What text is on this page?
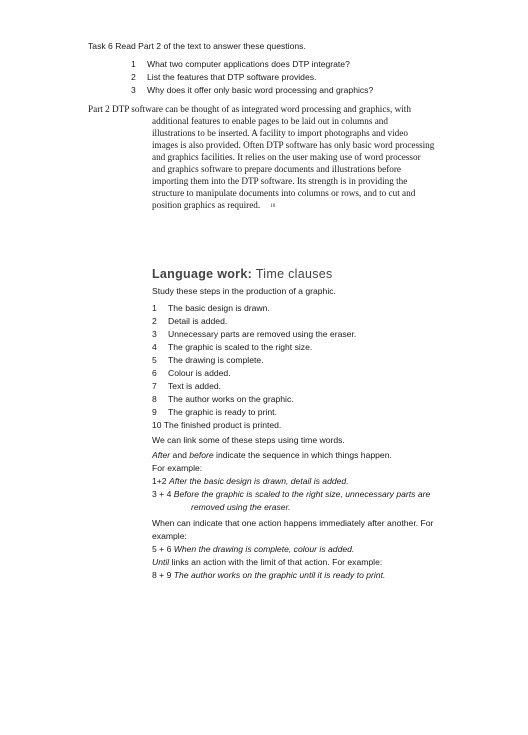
Task 6 Read Part 2 of the text to answer these questions.
1 What two computer applications does DTP integrate?
2 List the features that DTP software provides.
3 Why does it offer only basic word processing and graphics?
Part 2 DTP software can be thought of as integrated word processing and graphics, with
additional features to enable pages to be laid out in columns and
illustrations to be inserted. A facility to import photographs and video
images is also provided. Often DTP software has only basic word processing
and graphics facilities. It relies on the user making use of word processor
and graphics software to prepare documents and illustrations before
importing them into the DTP software. Its strength is in providing the
structure to manipulate documents into columns or rows, and to cut and
position graphics as required. $^{10}$
Language work: Time clauses
Study these steps in the production of a graphic.
1 The basic design is drawn.
2 Detail is added.
3 Unnecessary parts are removed using the eraser.
4 The graphic is scaled to the right size.
5 The drawing is complete.
6 Colour is added.
7 Text is added.
8 The author works on the graphic.
9 The graphic is ready to print.
10 The finished product is printed.
We can link some of these steps using time words.
After and before indicate the sequence in which things happen.
For example:
1+2 After the basic design is drawn, detail is added.
3 + 4 Before the graphic is scaled to the right size, unnecessary parts are
removed using the eraser.
When can indicate that one action happens immediately after another. For
example:
5 + 6 When the drawing is complete, colour is added.
Until links an action with the limit of that action. For example:
8 + 9 The author works on the graphic until it is ready to print.
